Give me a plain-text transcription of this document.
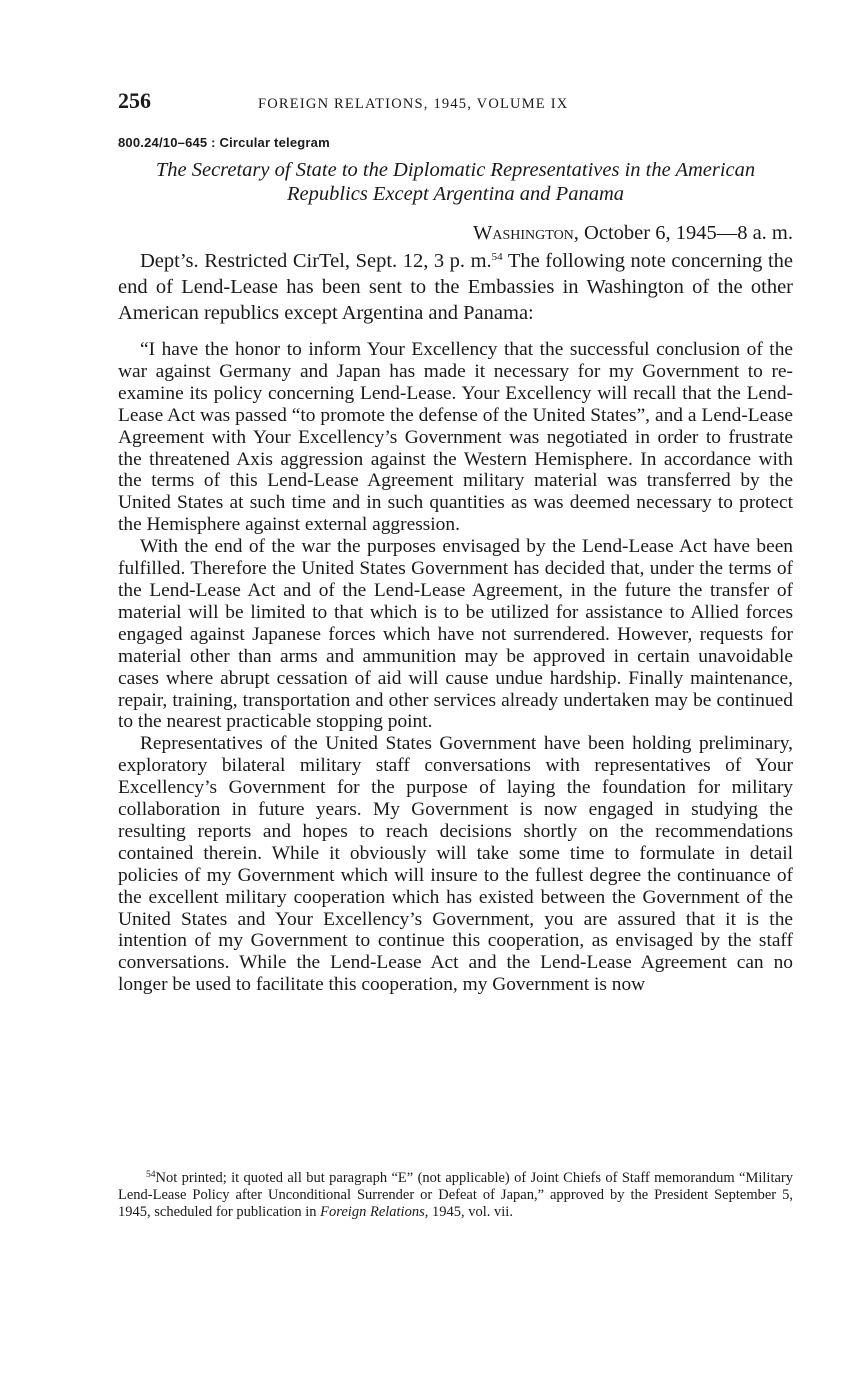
256	FOREIGN RELATIONS, 1945, VOLUME IX
800.24/10–645 : Circular telegram
The Secretary of State to the Diplomatic Representatives in the American Republics Except Argentina and Panama
Washington, October 6, 1945—8 a. m.

Dept’s. Restricted CirTel, Sept. 12, 3 p. m.$^{54}$ The following note concerning the end of Lend-Lease has been sent to the Embassies in Washington of the other American republics except Argentina and Panama:

“I have the honor to inform Your Excellency that the successful conclusion of the war against Germany and Japan has made it necessary for my Government to re-examine its policy concerning Lend-Lease. Your Excellency will recall that the Lend-Lease Act was passed “to promote the defense of the United States”, and a Lend-Lease Agreement with Your Excellency’s Government was negotiated in order to frustrate the threatened Axis aggression against the Western Hemisphere. In accordance with the terms of this Lend-Lease Agreement military material was transferred by the United States at such time and in such quantities as was deemed necessary to protect the Hemisphere against external aggression.

With the end of the war the purposes envisaged by the Lend-Lease Act have been fulfilled. Therefore the United States Government has decided that, under the terms of the Lend-Lease Act and of the Lend-Lease Agreement, in the future the transfer of material will be limited to that which is to be utilized for assistance to Allied forces engaged against Japanese forces which have not surrendered. However, requests for material other than arms and ammunition may be approved in certain unavoidable cases where abrupt cessation of aid will cause undue hardship. Finally maintenance, repair, training, transportation and other services already undertaken may be continued to the nearest practicable stopping point.

Representatives of the United States Government have been holding preliminary, exploratory bilateral military staff conversations with representatives of Your Excellency’s Government for the purpose of laying the foundation for military collaboration in future years. My Government is now engaged in studying the resulting reports and hopes to reach decisions shortly on the recommendations contained therein. While it obviously will take some time to formulate in detail policies of my Government which will insure to the fullest degree the continuance of the excellent military cooperation which has existed between the Government of the United States and Your Excellency’s Government, you are assured that it is the intention of my Government to continue this cooperation, as envisaged by the staff conversations. While the Lend-Lease Act and the Lend-Lease Agreement can no longer be used to facilitate this cooperation, my Government is now

$^{54}$Not printed; it quoted all but paragraph “E” (not applicable) of Joint Chiefs of Staff memorandum “Military Lend-Lease Policy after Unconditional Surrender or Defeat of Japan,” approved by the President September 5, 1945, scheduled for publication in Foreign Relations, 1945, vol. vii.
